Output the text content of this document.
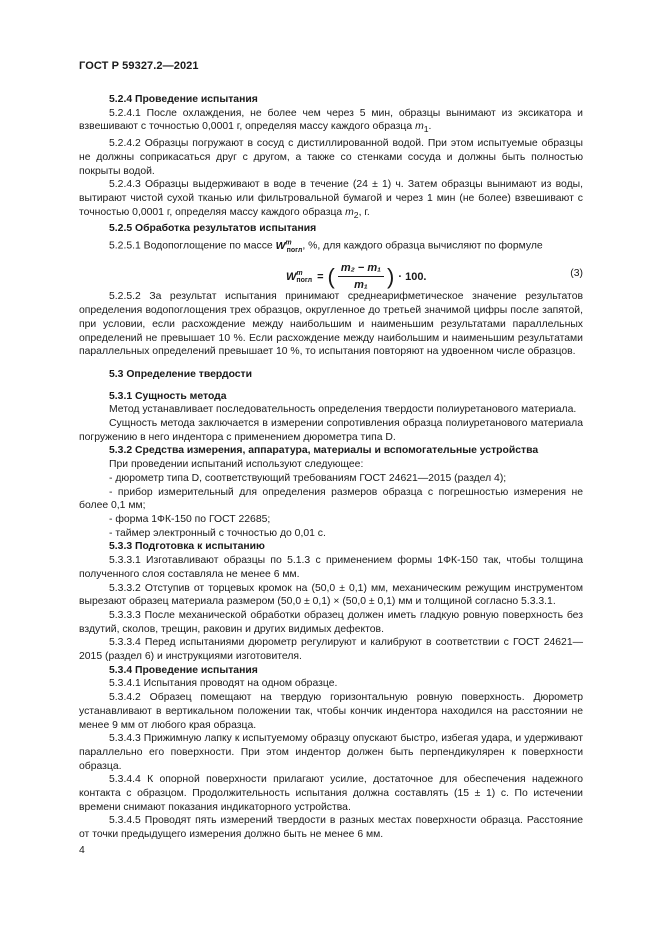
ГОСТ Р 59327.2—2021

5.2.4 Проведение испытания

5.2.4.1 После охлаждения, не более чем через 5 мин, образцы вынимают из эксикатора и взвешивают с точностью 0,0001 г, определяя массу каждого образца $m_1$.

5.2.4.2 Образцы погружают в сосуд с дистиллированной водой. При этом испытуемые образцы не должны соприкасаться друг с другом, а также со стенками сосуда и должны быть полностью покрыты водой.

5.2.4.3 Образцы выдерживают в воде в течение (24 ± 1) ч. Затем образцы вынимают из воды, вытирают чистой сухой тканью или фильтровальной бумагой и через 1 мин (не более) взвешивают с точностью 0,0001 г, определяя массу каждого образца $m_2$, г.

5.2.5 Обработка результатов испытания

5.2.5.1 Водопоглощение по массе $W^m_{погл}$, %, для каждого образца вычисляют по формуле

W m
погл = ( $\frac{\text{m₂ − m₁}}{\text{m₁}}$ ) · 100.	(3)

5.2.5.2 За результат испытания принимают среднеарифметическое значение результатов определения водопоглощения трех образцов, округленное до третьей значимой цифры после запятой, при условии, если расхождение между наибольшим и наименьшим результатами параллельных определений не превышает 10 %. Если расхождение между наибольшим и наименьшим результатами параллельных определений превышает 10 %, то испытания повторяют на удвоенном числе образцов.

5.3 Определение твердости

5.3.1 Сущность метода

Метод устанавливает последовательность определения твердости полиуретанового материала.

Сущность метода заключается в измерении сопротивления образца полиуретанового материала погружению в него индентора с применением дюрометра типа D.

5.3.2 Средства измерения, аппаратура, материалы и вспомогательные устройства

При проведении испытаний используют следующее:

- дюрометр типа D, соответствующий требованиям ГОСТ 24621—2015 (раздел 4);

- прибор измерительный для определения размеров образца с погрешностью измерения не более 0,1 мм;

- форма 1ФК-150 по ГОСТ 22685;

- таймер электронный с точностью до 0,01 с.

5.3.3 Подготовка к испытанию

5.3.3.1 Изготавливают образцы по 5.1.3 с применением формы 1ФК-150 так, чтобы толщина полученного слоя составляла не менее 6 мм.

5.3.3.2 Отступив от торцевых кромок на (50,0 ± 0,1) мм, механическим режущим инструментом вырезают образец материала размером (50,0 ± 0,1) × (50,0 ± 0,1) мм и толщиной согласно 5.3.3.1.

5.3.3.3 После механической обработки образец должен иметь гладкую ровную поверхность без вздутий, сколов, трещин, раковин и других видимых дефектов.

5.3.3.4 Перед испытаниями дюрометр регулируют и калибруют в соответствии с ГОСТ 24621—2015 (раздел 6) и инструкциями изготовителя.

5.3.4 Проведение испытания

5.3.4.1 Испытания проводят на одном образце.

5.3.4.2 Образец помещают на твердую горизонтальную ровную поверхность. Дюрометр устанавливают в вертикальном положении так, чтобы кончик индентора находился на расстоянии не менее 9 мм от любого края образца.

5.3.4.3 Прижимную лапку к испытуемому образцу опускают быстро, избегая удара, и удерживают параллельно его поверхности. При этом индентор должен быть перпендикулярен к поверхности образца.

5.3.4.4 К опорной поверхности прилагают усилие, достаточное для обеспечения надежного контакта с образцом. Продолжительность испытания должна составлять (15 ± 1) с. По истечении времени снимают показания индикаторного устройства.

5.3.4.5 Проводят пять измерений твердости в разных местах поверхности образца. Расстояние от точки предыдущего измерения должно быть не менее 6 мм.

4
